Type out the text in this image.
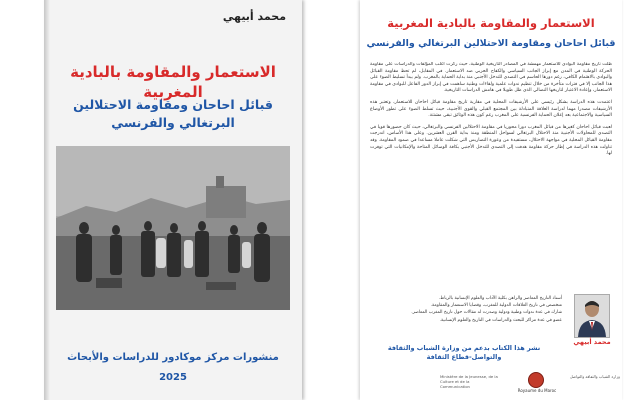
محمد أبيهي
الاستعمار والمقاومة بالبادية المغربية
قبائل احاحان ومقاومة الاحتلالين البرتغالي والفرنسي
منشورات مركز موكادور للدراسات والأبحاث
2025
الاستعمار والمقاومة بالبادية المغربية
قبائل احاحان ومقاومة الاحتلالين البرتغالي والفرنسي

ظلت تاريخ مقاومة البوادي للاستعمار مهمشة في المصادر التاريخية الوطنية، حيث ركزت أغلب المؤلفات والدراسات على مقاومة الحركة الوطنية في المدن مع إبراز الجانب السياسي والكفاح الحزبي ضد الاستعمار. في المقابل، لم تحظ مقاومة القبائل والبوادي بالاهتمام الكافي، رغم دورها الحاسم في التصدي للتدخل الأجنبي منذ بداية الحماية بالمغرب. ولم يبدأ تسليط الضوء على هذا الجانب إلا في فترات متأخرة من خلال تنظيم ندوات علمية ولقاءات وطنية ساهمت في إبراز الدور الفاعل للبوادي في مقاومة الاستعمار، وإعادة الاعتبار لتاريخها النضالي الذي ظل طويلا في هامش الدراسات التاريخية.

اعتمدت هذه الدراسة بشكل رئيسي على الأرشيفات المحلية في مقاربة تاريخ مقاومة قبائل احاحان للاستعمار، وتعتبر هذه الأرشيفات مصدرا مهما لدراسة العلاقة المتبادلة بين المجتمع القبلي والقوى الأجنبية، حيث تسلط الضوء على تطور الأوضاع السياسية والاجتماعية بعد إعلان الحماية الفرنسية على المغرب رغم كون هذه الوثائق تبقى مشتتة.

لعبت قبائل احاحان كغيرها من قبائل المغرب دورا محوريا في مقاومة الاحتلالين الفرنسي والبرتغالي، حيث كان حضورها قويا في التصدي للمحاولات الأجنبية منذ الاحتلال البرتغالي لسواحل المنطقة ومنذ بداية القرن العشرين. وعلى هذا الأساس، اندرجت مقاومة القبائل المحلية في مواجهة الاحتلال، مستفيدة من وعورة التضاريس التي شكلت عاملا مساعدا في صمود المقاومة. وقد تناولت هذه الدراسة في إطار حركة مقاومة هدفت إلى التصدي للتدخل الأجنبي بكافة الوسائل المتاحة والإمكانيات التي توفرت لها.

أستاذ التاريخ المعاصر والراهن بكلية الآداب والعلوم الإنسانية بالرباط.
متخصص في تاريخ العلاقات الدولية للمغرب، وقضايا الاستعمار والمقاومة.
شارك في عدة ندوات وطنية ودولية وصدرت له مقالات حول تاريخ المغرب المعاصر.
عضو في عدة مراكز للبحث والدراسات في التاريخ والعلوم الإنسانية.
محمد أبيهي
نشر هذا الكتاب بدعم من وزارة الشباب والثقافة
والتواصل-قطاع الثقافة
Ministère de la Jeunesse, de la Culture et de la Communication
Royaume du Maroc
وزارة الشباب والثقافة والتواصل
